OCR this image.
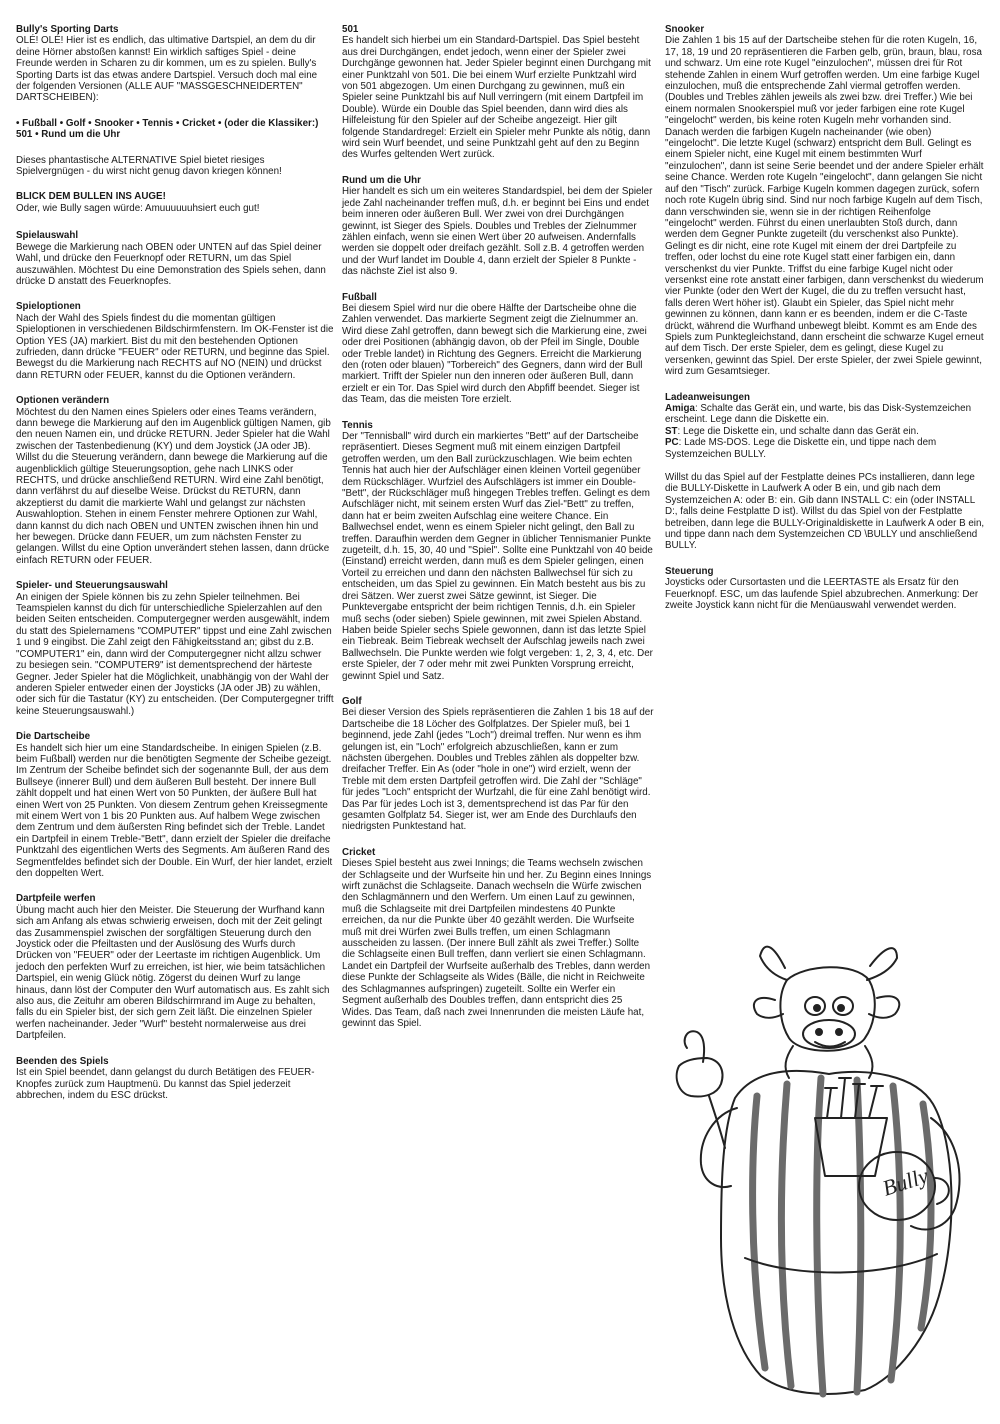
Bully's Sporting Darts

OLÉ! OLÉ! Hier ist es endlich, das ultimative Dartspiel, an dem du dir deine Hörner abstoßen kannst! Ein wirklich saftiges Spiel - deine Freunde werden in Scharen zu dir kommen, um es zu spielen. Bully's Sporting Darts ist das etwas andere Dartspiel. Versuch doch mal eine der folgenden Versionen (ALLE AUF "MASSGESCHNEIDERTEN" DARTSCHEIBEN):

• Fußball • Golf • Snooker • Tennis • Cricket • (oder die Klassiker:) 501 • Rund um die Uhr

Dieses phantastische ALTERNATIVE Spiel bietet riesiges Spielvergnügen - du wirst nicht genug davon kriegen können!

BLICK DEM BULLEN INS AUGE!

Oder, wie Bully sagen würde: Amuuuuuuhsiert euch gut!

Spielauswahl

Bewege die Markierung nach OBEN oder UNTEN auf das Spiel deiner Wahl, und drücke den Feuerknopf oder RETURN, um das Spiel auszuwählen. Möchtest Du eine Demonstration des Spiels sehen, dann drücke D anstatt des Feuerknopfes.

Spieloptionen

Nach der Wahl des Spiels findest du die momentan gültigen Spieloptionen in verschiedenen Bildschirmfenstern. Im OK-Fenster ist die Option YES (JA) markiert. Bist du mit den bestehenden Optionen zufrieden, dann drücke "FEUER" oder RETURN, und beginne das Spiel. Bewegst du die Markierung nach RECHTS auf NO (NEIN) und drückst dann RETURN oder FEUER, kannst du die Optionen verändern.

Optionen verändern

Möchtest du den Namen eines Spielers oder eines Teams verändern, dann bewege die Markierung auf den im Augenblick gültigen Namen, gib den neuen Namen ein, und drücke RETURN. Jeder Spieler hat die Wahl zwischen der Tastenbedienung (KY) und dem Joystick (JA oder JB). Willst du die Steuerung verändern, dann bewege die Markierung auf die augenblicklich gültige Steuerungsoption, gehe nach LINKS oder RECHTS, und drücke anschließend RETURN. Wird eine Zahl benötigt, dann verfährst du auf dieselbe Weise. Drückst du RETURN, dann akzeptierst du damit die markierte Wahl und gelangst zur nächsten Auswahloption. Stehen in einem Fenster mehrere Optionen zur Wahl, dann kannst du dich nach OBEN und UNTEN zwischen ihnen hin und her bewegen. Drücke dann FEUER, um zum nächsten Fenster zu gelangen. Willst du eine Option unverändert stehen lassen, dann drücke einfach RETURN oder FEUER.

Spieler- und Steuerungsauswahl

An einigen der Spiele können bis zu zehn Spieler teilnehmen. Bei Teamspielen kannst du dich für unterschiedliche Spielerzahlen auf den beiden Seiten entscheiden. Computergegner werden ausgewählt, indem du statt des Spielernamens "COMPUTER" tippst und eine Zahl zwischen 1 und 9 eingibst. Die Zahl zeigt den Fähigkeitsstand an; gibst du z.B. "COMPUTER1" ein, dann wird der Computergegner nicht allzu schwer zu besiegen sein. "COMPUTER9" ist dementsprechend der härteste Gegner. Jeder Spieler hat die Möglichkeit, unabhängig von der Wahl der anderen Spieler entweder einen der Joysticks (JA oder JB) zu wählen, oder sich für die Tastatur (KY) zu entscheiden. (Der Computergegner trifft keine Steuerungsauswahl.)

Die Dartscheibe

Es handelt sich hier um eine Standardscheibe. In einigen Spielen (z.B. beim Fußball) werden nur die benötigten Segmente der Scheibe gezeigt. Im Zentrum der Scheibe befindet sich der sogenannte Bull, der aus dem Bullseye (innerer Bull) und dem äußeren Bull besteht. Der innere Bull zählt doppelt und hat einen Wert von 50 Punkten, der äußere Bull hat einen Wert von 25 Punkten. Von diesem Zentrum gehen Kreissegmente mit einem Wert von 1 bis 20 Punkten aus. Auf halbem Wege zwischen dem Zentrum und dem äußersten Ring befindet sich der Treble. Landet ein Dartpfeil in einem Treble-"Bett", dann erzielt der Spieler die dreifache Punktzahl des eigentlichen Werts des Segments. Am äußeren Rand des Segmentfeldes befindet sich der Double. Ein Wurf, der hier landet, erzielt den doppelten Wert.

Dartpfeile werfen

Übung macht auch hier den Meister. Die Steuerung der Wurfhand kann sich am Anfang als etwas schwierig erweisen, doch mit der Zeit gelingt das Zusammenspiel zwischen der sorgfältigen Steuerung durch den Joystick oder die Pfeiltasten und der Auslösung des Wurfs durch Drücken von "FEUER" oder der Leertaste im richtigen Augenblick. Um jedoch den perfekten Wurf zu erreichen, ist hier, wie beim tatsächlichen Dartspiel, ein wenig Glück nötig. Zögerst du deinen Wurf zu lange hinaus, dann löst der Computer den Wurf automatisch aus. Es zahlt sich also aus, die Zeituhr am oberen Bildschirmrand im Auge zu behalten, falls du ein Spieler bist, der sich gern Zeit läßt. Die einzelnen Spieler werfen nacheinander. Jeder "Wurf" besteht normalerweise aus drei Dartpfeilen.

Beenden des Spiels

Ist ein Spiel beendet, dann gelangst du durch Betätigen des FEUER-Knopfes zurück zum Hauptmenü. Du kannst das Spiel jederzeit abbrechen, indem du ESC drückst.

501

Es handelt sich hierbei um ein Standard-Dartspiel. Das Spiel besteht aus drei Durchgängen, endet jedoch, wenn einer der Spieler zwei Durchgänge gewonnen hat. Jeder Spieler beginnt einen Durchgang mit einer Punktzahl von 501. Die bei einem Wurf erzielte Punktzahl wird von 501 abgezogen. Um einen Durchgang zu gewinnen, muß ein Spieler seine Punktzahl bis auf Null verringern (mit einem Dartpfeil im Double). Würde ein Double das Spiel beenden, dann wird dies als Hilfeleistung für den Spieler auf der Scheibe angezeigt. Hier gilt folgende Standardregel: Erzielt ein Spieler mehr Punkte als nötig, dann wird sein Wurf beendet, und seine Punktzahl geht auf den zu Beginn des Wurfes geltenden Wert zurück.

Rund um die Uhr

Hier handelt es sich um ein weiteres Standardspiel, bei dem der Spieler jede Zahl nacheinander treffen muß, d.h. er beginnt bei Eins und endet beim inneren oder äußeren Bull. Wer zwei von drei Durchgängen gewinnt, ist Sieger des Spiels. Doubles und Trebles der Zielnummer zählen einfach, wenn sie einen Wert über 20 aufweisen. Andernfalls werden sie doppelt oder dreifach gezählt. Soll z.B. 4 getroffen werden und der Wurf landet im Double 4, dann erzielt der Spieler 8 Punkte - das nächste Ziel ist also 9.

Fußball

Bei diesem Spiel wird nur die obere Hälfte der Dartscheibe ohne die Zahlen verwendet. Das markierte Segment zeigt die Zielnummer an. Wird diese Zahl getroffen, dann bewegt sich die Markierung eine, zwei oder drei Positionen (abhängig davon, ob der Pfeil im Single, Double oder Treble landet) in Richtung des Gegners. Erreicht die Markierung den (roten oder blauen) "Torbereich" des Gegners, dann wird der Bull markiert. Trifft der Spieler nun den inneren oder äußeren Bull, dann erzielt er ein Tor. Das Spiel wird durch den Abpfiff beendet. Sieger ist das Team, das die meisten Tore erzielt.

Tennis

Der "Tennisball" wird durch ein markiertes "Bett" auf der Dartscheibe repräsentiert. Dieses Segment muß mit einem einzigen Dartpfeil getroffen werden, um den Ball zurückzuschlagen. Wie beim echten Tennis hat auch hier der Aufschläger einen kleinen Vorteil gegenüber dem Rückschläger. Wurfziel des Aufschlägers ist immer ein Double-"Bett", der Rückschläger muß hingegen Trebles treffen. Gelingt es dem Aufschläger nicht, mit seinem ersten Wurf das Ziel-"Bett" zu treffen, dann hat er beim zweiten Aufschlag eine weitere Chance. Ein Ballwechsel endet, wenn es einem Spieler nicht gelingt, den Ball zu treffen. Daraufhin werden dem Gegner in üblicher Tennismanier Punkte zugeteilt, d.h. 15, 30, 40 und "Spiel". Sollte eine Punktzahl von 40 beide (Einstand) erreicht werden, dann muß es dem Spieler gelingen, einen Vorteil zu erreichen und dann den nächsten Ballwechsel für sich zu entscheiden, um das Spiel zu gewinnen. Ein Match besteht aus bis zu drei Sätzen. Wer zuerst zwei Sätze gewinnt, ist Sieger. Die Punktevergabe entspricht der beim richtigen Tennis, d.h. ein Spieler muß sechs (oder sieben) Spiele gewinnen, mit zwei Spielen Abstand. Haben beide Spieler sechs Spiele gewonnen, dann ist das letzte Spiel ein Tiebreak. Beim Tiebreak wechselt der Aufschlag jeweils nach zwei Ballwechseln. Die Punkte werden wie folgt vergeben: 1, 2, 3, 4, etc. Der erste Spieler, der 7 oder mehr mit zwei Punkten Vorsprung erreicht, gewinnt Spiel und Satz.

Golf

Bei dieser Version des Spiels repräsentieren die Zahlen 1 bis 18 auf der Dartscheibe die 18 Löcher des Golfplatzes. Der Spieler muß, bei 1 beginnend, jede Zahl (jedes "Loch") dreimal treffen. Nur wenn es ihm gelungen ist, ein "Loch" erfolgreich abzuschließen, kann er zum nächsten übergehen. Doubles und Trebles zählen als doppelter bzw. dreifacher Treffer. Ein As (oder "hole in one") wird erzielt, wenn der Treble mit dem ersten Dartpfeil getroffen wird. Die Zahl der "Schläge" für jedes "Loch" entspricht der Wurfzahl, die für eine Zahl benötigt wird. Das Par für jedes Loch ist 3, dementsprechend ist das Par für den gesamten Golfplatz 54. Sieger ist, wer am Ende des Durchlaufs den niedrigsten Punktestand hat.

Cricket

Dieses Spiel besteht aus zwei Innings; die Teams wechseln zwischen der Schlagseite und der Wurfseite hin und her. Zu Beginn eines Innings wirft zunächst die Schlagseite. Danach wechseln die Würfe zwischen den Schlagmännern und den Werfern. Um einen Lauf zu gewinnen, muß die Schlagseite mit drei Dartpfeilen mindestens 40 Punkte erreichen, da nur die Punkte über 40 gezählt werden. Die Wurfseite muß mit drei Würfen zwei Bulls treffen, um einen Schlagmann ausscheiden zu lassen. (Der innere Bull zählt als zwei Treffer.) Sollte die Schlagseite einen Bull treffen, dann verliert sie einen Schlagmann. Landet ein Dartpfeil der Wurfseite außerhalb des Trebles, dann werden diese Punkte der Schlagseite als Wides (Bälle, die nicht in Reichweite des Schlagmannes aufspringen) zugeteilt. Sollte ein Werfer ein Segment außerhalb des Doubles treffen, dann entspricht dies 25 Wides. Das Team, daß nach zwei Innenrunden die meisten Läufe hat, gewinnt das Spiel.

Snooker

Die Zahlen 1 bis 15 auf der Dartscheibe stehen für die roten Kugeln, 16, 17, 18, 19 und 20 repräsentieren die Farben gelb, grün, braun, blau, rosa und schwarz. Um eine rote Kugel "einzulochen", müssen drei für Rot stehende Zahlen in einem Wurf getroffen werden. Um eine farbige Kugel einzulochen, muß die entsprechende Zahl viermal getroffen werden. (Doubles und Trebles zählen jeweils als zwei bzw. drei Treffer.) Wie bei einem normalen Snookerspiel muß vor jeder farbigen eine rote Kugel "eingelocht" werden, bis keine roten Kugeln mehr vorhanden sind. Danach werden die farbigen Kugeln nacheinander (wie oben) "eingelocht". Die letzte Kugel (schwarz) entspricht dem Bull. Gelingt es einem Spieler nicht, eine Kugel mit einem bestimmten Wurf "einzulochen", dann ist seine Serie beendet und der andere Spieler erhält seine Chance. Werden rote Kugeln "eingelocht", dann gelangen Sie nicht auf den "Tisch" zurück. Farbige Kugeln kommen dagegen zurück, sofern noch rote Kugeln übrig sind. Sind nur noch farbige Kugeln auf dem Tisch, dann verschwinden sie, wenn sie in der richtigen Reihenfolge "eingelocht" werden. Führst du einen unerlaubten Stoß durch, dann werden dem Gegner Punkte zugeteilt (du verschenkst also Punkte). Gelingt es dir nicht, eine rote Kugel mit einem der drei Dartpfeile zu treffen, oder lochst du eine rote Kugel statt einer farbigen ein, dann verschenkst du vier Punkte. Triffst du eine farbige Kugel nicht oder versenkst eine rote anstatt einer farbigen, dann verschenkst du wiederum vier Punkte (oder den Wert der Kugel, die du zu treffen versucht hast, falls deren Wert höher ist). Glaubt ein Spieler, das Spiel nicht mehr gewinnen zu können, dann kann er es beenden, indem er die C-Taste drückt, während die Wurfhand unbewegt bleibt. Kommt es am Ende des Spiels zum Punktegleichstand, dann erscheint die schwarze Kugel erneut auf dem Tisch. Der erste Spieler, dem es gelingt, diese Kugel zu versenken, gewinnt das Spiel. Der erste Spieler, der zwei Spiele gewinnt, wird zum Gesamtsieger.

Ladeanweisungen

Amiga: Schalte das Gerät ein, und warte, bis das Disk-Systemzeichen erscheint. Lege dann die Diskette ein.

ST: Lege die Diskette ein, und schalte dann das Gerät ein.

PC: Lade MS-DOS. Lege die Diskette ein, und tippe nach dem Systemzeichen BULLY.

Willst du das Spiel auf der Festplatte deines PCs installieren, dann lege die BULLY-Diskette in Laufwerk A oder B ein, und gib nach dem Systemzeichen A: oder B: ein. Gib dann INSTALL C: ein (oder INSTALL D:, falls deine Festplatte D ist). Willst du das Spiel von der Festplatte betreiben, dann lege die BULLY-Originaldiskette in Laufwerk A oder B ein, und tippe dann nach dem Systemzeichen CD \BULLY und anschließend BULLY.

Steuerung

Joysticks oder Cursortasten und die LEERTASTE als Ersatz für den Feuerknopf. ESC, um das laufende Spiel abzubrechen. Anmerkung: Der zweite Joystick kann nicht für die Menüauswahl verwendet werden.

Bully
